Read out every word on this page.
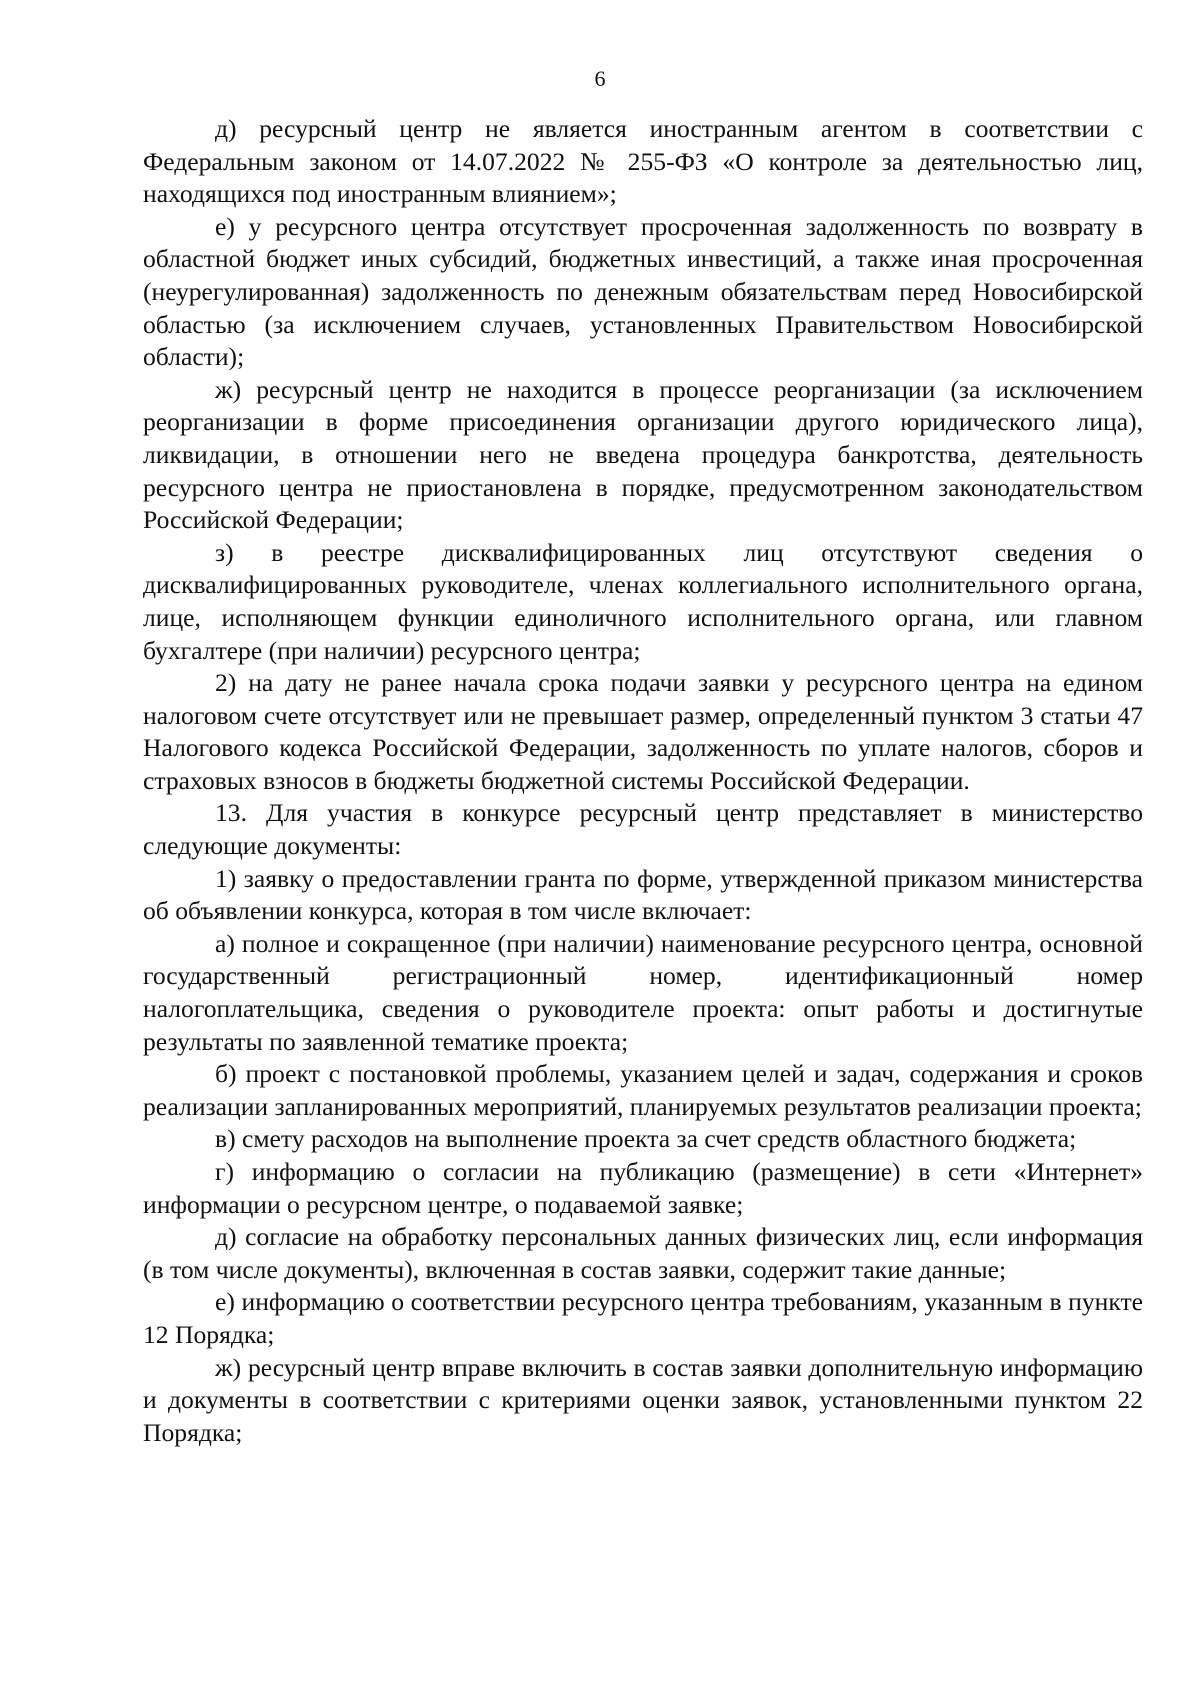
6

д) ресурсный центр не является иностранным агентом в соответствии с Федеральным законом от 14.07.2022 № 255-ФЗ «О контроле за деятельностью лиц, находящихся под иностранным влиянием»;

е) у ресурсного центра отсутствует просроченная задолженность по возврату в областной бюджет иных субсидий, бюджетных инвестиций, а также иная просроченная (неурегулированная) задолженность по денежным обязательствам перед Новосибирской областью (за исключением случаев, установленных Правительством Новосибирской области);

ж) ресурсный центр не находится в процессе реорганизации (за исключением реорганизации в форме присоединения организации другого юридического лица), ликвидации, в отношении него не введена процедура банкротства, деятельность ресурсного центра не приостановлена в порядке, предусмотренном законодательством Российской Федерации;

з) в реестре дисквалифицированных лиц отсутствуют сведения о дисквалифицированных руководителе, членах коллегиального исполнительного органа, лице, исполняющем функции единоличного исполнительного органа, или главном бухгалтере (при наличии) ресурсного центра;

2) на дату не ранее начала срока подачи заявки у ресурсного центра на едином налоговом счете отсутствует или не превышает размер, определенный пунктом 3 статьи 47 Налогового кодекса Российской Федерации, задолженность по уплате налогов, сборов и страховых взносов в бюджеты бюджетной системы Российской Федерации.

13. Для участия в конкурсе ресурсный центр представляет в министерство следующие документы:

1) заявку о предоставлении гранта по форме, утвержденной приказом министерства об объявлении конкурса, которая в том числе включает:

а) полное и сокращенное (при наличии) наименование ресурсного центра, основной государственный регистрационный номер, идентификационный номер налогоплательщика, сведения о руководителе проекта: опыт работы и достигнутые результаты по заявленной тематике проекта;

б) проект с постановкой проблемы, указанием целей и задач, содержания и сроков реализации запланированных мероприятий, планируемых результатов реализации проекта;

в) смету расходов на выполнение проекта за счет средств областного бюджета;

г) информацию о согласии на публикацию (размещение) в сети «Интернет» информации о ресурсном центре, о подаваемой заявке;

д) согласие на обработку персональных данных физических лиц, если информация (в том числе документы), включенная в состав заявки, содержит такие данные;

е) информацию о соответствии ресурсного центра требованиям, указанным в пункте 12 Порядка;

ж) ресурсный центр вправе включить в состав заявки дополнительную информацию и документы в соответствии с критериями оценки заявок, установленными пунктом 22 Порядка;
